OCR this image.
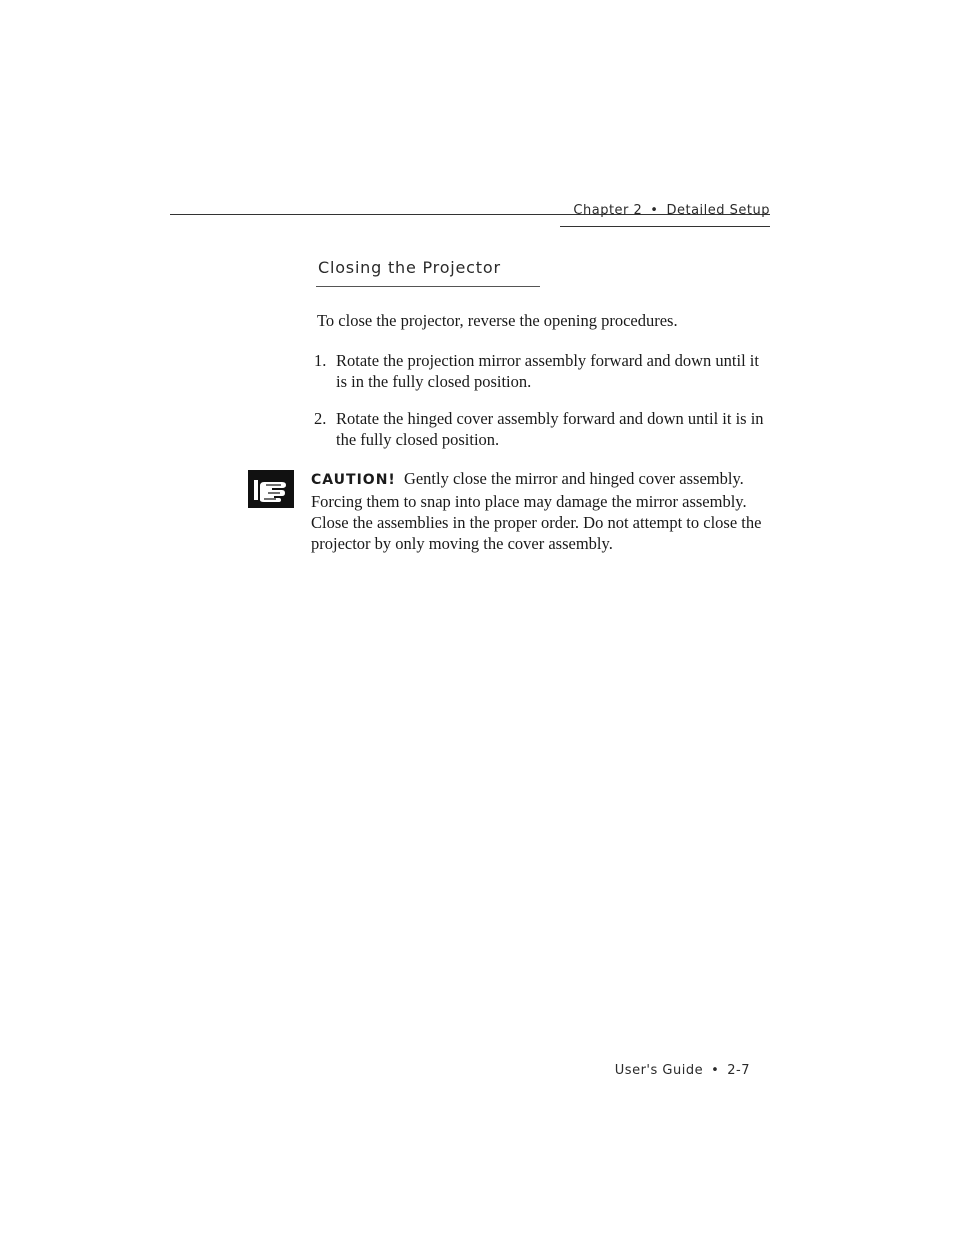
Chapter 2 • Detailed Setup
Closing the Projector

To close the projector, reverse the opening procedures.

1. Rotate the projection mirror assembly forward and down until it is in the fully closed position.
2. Rotate the hinged cover assembly forward and down until it is in the fully closed position.

CAUTION! Gently close the mirror and hinged cover assembly. Forcing them to snap into place may damage the mirror assembly. Close the assemblies in the proper order. Do not attempt to close the projector by only moving the cover assembly.

User's Guide • 2-7
